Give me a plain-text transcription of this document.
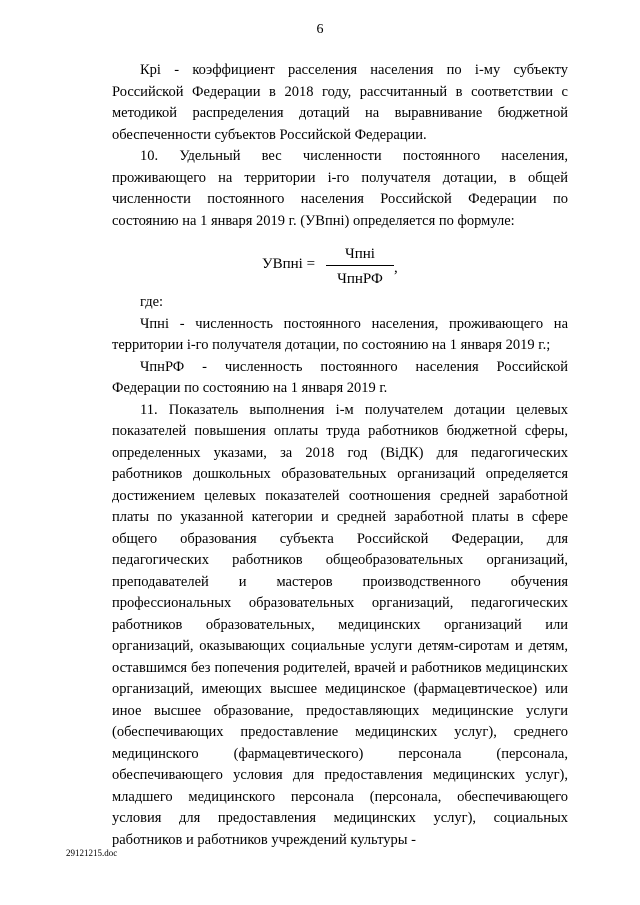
6

Крi - коэффициент расселения населения по i-му субъекту Российской Федерации в 2018 году, рассчитанный в соответствии с методикой распределения дотаций на выравнивание бюджетной обеспеченности субъектов Российской Федерации.

10. Удельный вес численности постоянного населения, проживающего на территории i-го получателя дотации, в общей численности постоянного населения Российской Федерации по состоянию на 1 января 2019 г. (УВпнi) определяется по формуле:

УВпнi =
Чпнi
ЧпнРФ
,

где:

Чпнi - численность постоянного населения, проживающего на территории i-го получателя дотации, по состоянию на 1 января 2019 г.;

ЧпнРФ - численность постоянного населения Российской Федерации по состоянию на 1 января 2019 г.

11. Показатель выполнения i-м получателем дотации целевых показателей повышения оплаты труда работников бюджетной сферы, определенных указами, за 2018 год (ВiДК) для педагогических работников дошкольных образовательных организаций определяется достижением целевых показателей соотношения средней заработной платы по указанной категории и средней заработной платы в сфере общего образования субъекта Российской Федерации, для педагогических работников общеобразовательных организаций, преподавателей и мастеров производственного обучения профессиональных образовательных организаций, педагогических работников образовательных, медицинских организаций или организаций, оказывающих социальные услуги детям-сиротам и детям, оставшимся без попечения родителей, врачей и работников медицинских организаций, имеющих высшее медицинское (фармацевтическое) или иное высшее образование, предоставляющих медицинские услуги (обеспечивающих предоставление медицинских услуг), среднего медицинского (фармацевтического) персонала (персонала, обеспечивающего условия для предоставления медицинских услуг), младшего медицинского персонала (персонала, обеспечивающего условия для предоставления медицинских услуг), социальных работников и работников учреждений культуры -

29121215.doc
